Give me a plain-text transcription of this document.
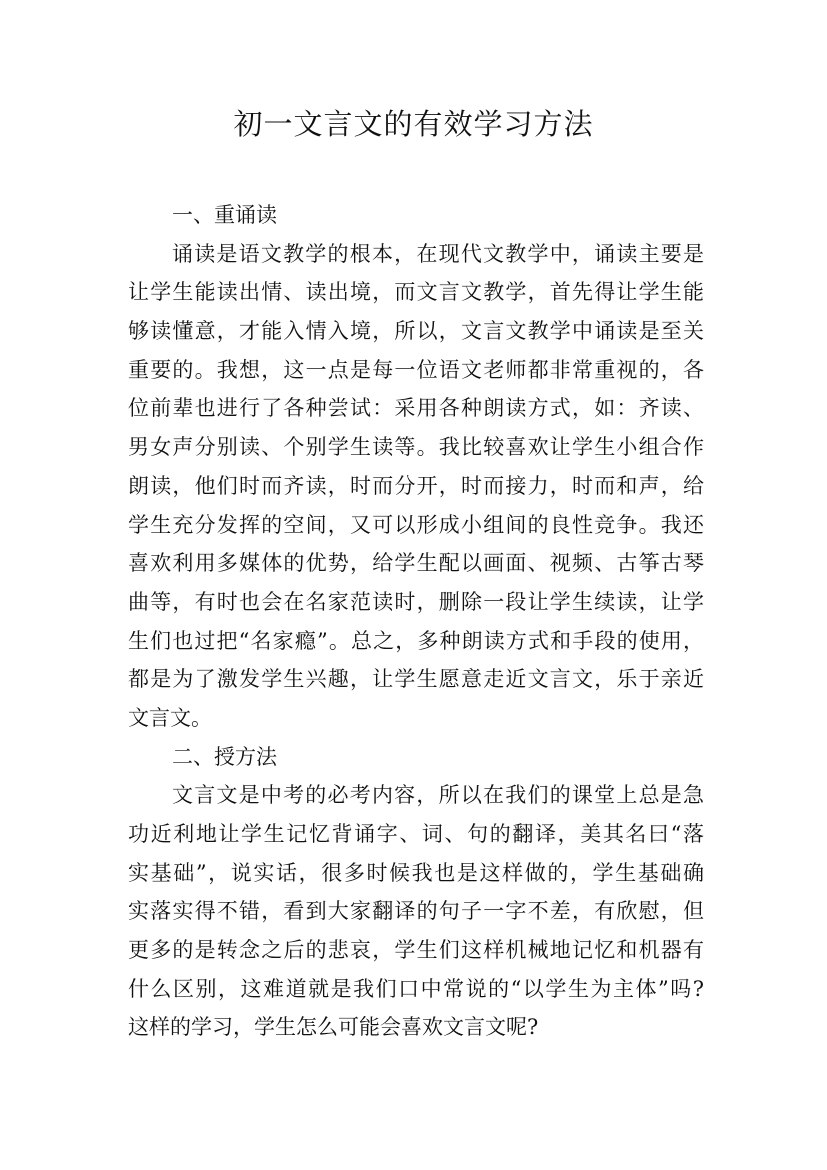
初一文言文的有效学习方法
一、重诵读
诵读是语文教学的根本，在现代文教学中，诵读主要是
让学生能读出情、读出境，而文言文教学，首先得让学生能
够读懂意，才能入情入境，所以，文言文教学中诵读是至关
重要的。我想，这一点是每一位语文老师都非常重视的，各
位前辈也进行了各种尝试：采用各种朗读方式，如：齐读、
男女声分别读、个别学生读等。我比较喜欢让学生小组合作
朗读，他们时而齐读，时而分开，时而接力，时而和声，给
学生充分发挥的空间，又可以形成小组间的良性竞争。我还
喜欢利用多媒体的优势，给学生配以画面、视频、古筝古琴
曲等，有时也会在名家范读时，删除一段让学生续读，让学
生们也过把“名家瘾”。总之，多种朗读方式和手段的使用，
都是为了激发学生兴趣，让学生愿意走近文言文，乐于亲近
文言文。
二、授方法
文言文是中考的必考内容，所以在我们的课堂上总是急
功近利地让学生记忆背诵字、词、句的翻译，美其名曰“落
实基础”，说实话，很多时候我也是这样做的，学生基础确
实落实得不错，看到大家翻译的句子一字不差，有欣慰，但
更多的是转念之后的悲哀，学生们这样机械地记忆和机器有
什么区别，这难道就是我们口中常说的“以学生为主体”吗?
这样的学习，学生怎么可能会喜欢文言文呢?
